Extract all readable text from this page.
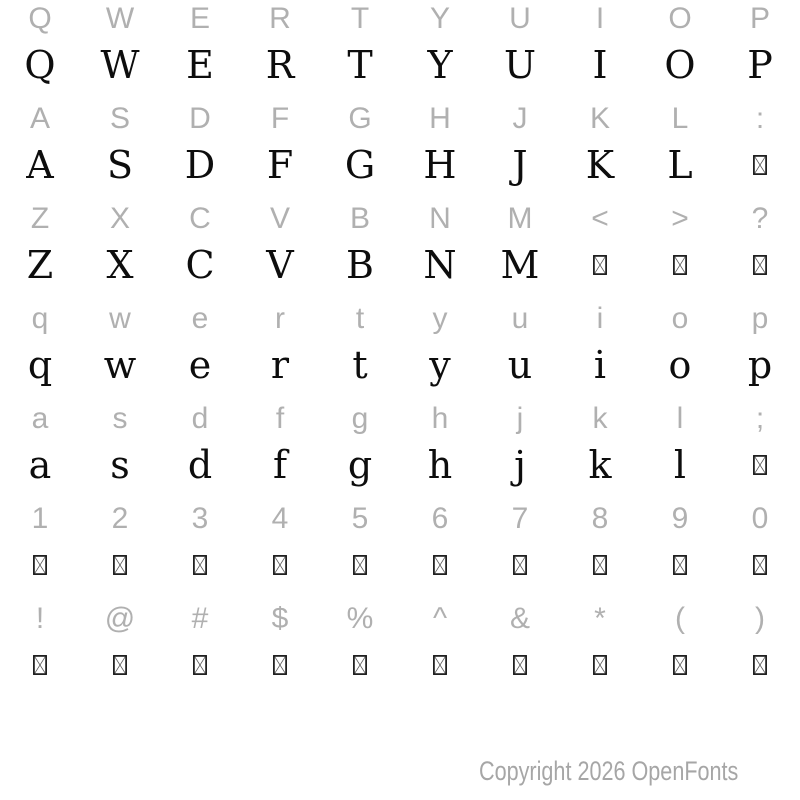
Q W E R T Y U I O P
Q W E R T Y U I O P
A S D F G H J K L :
A S D F G H J K L
Z X C V B N M < > ?
Z X C V B N M
q w e r t y u i o p
q w e r t y u i o p
a s d f g h j k l ;
a s d f g h j k l
1 2 3 4 5 6 7 8 9 0
! @ # $ % ^ & * ( )
Copyright 2026 OpenFonts
